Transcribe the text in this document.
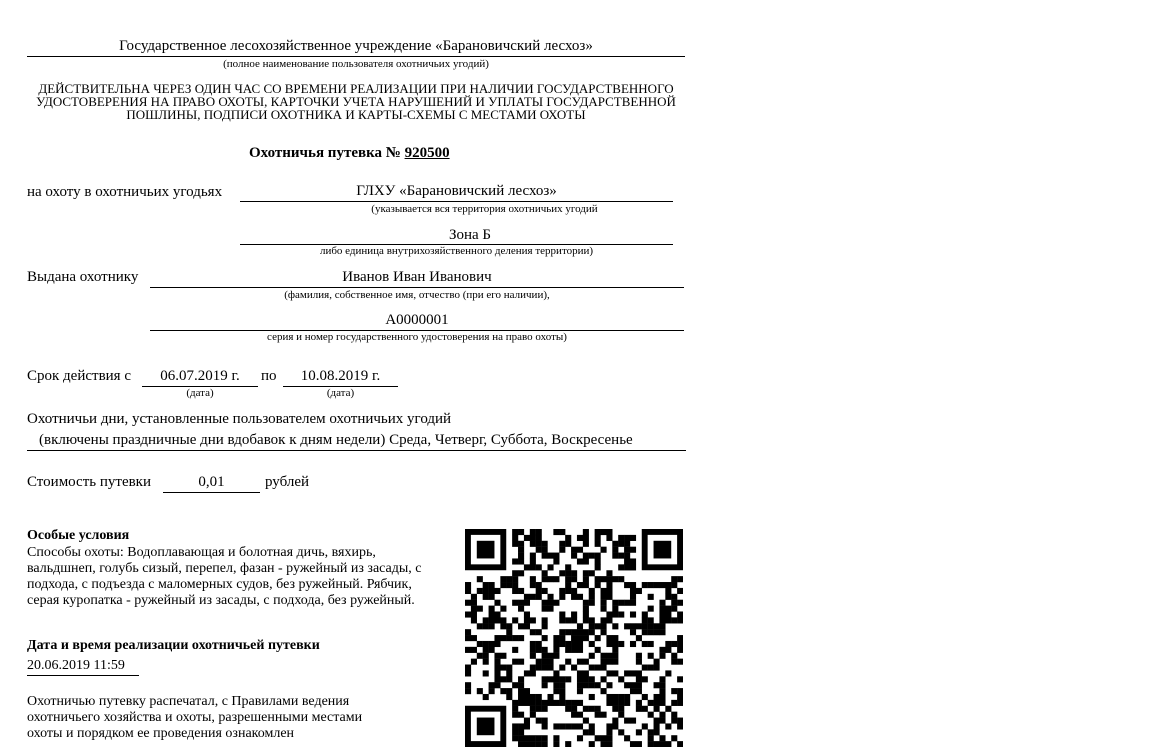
Государственное лесохозяйственное учреждение «Барановичский лесхоз»
(полное наименование пользователя охотничьих угодий)
ДЕЙСТВИТЕЛЬНА ЧЕРЕЗ ОДИН ЧАС СО ВРЕМЕНИ РЕАЛИЗАЦИИ ПРИ НАЛИЧИИ ГОСУДАРСТВЕННОГО
УДОСТОВЕРЕНИЯ НА ПРАВО ОХОТЫ, КАРТОЧКИ УЧЕТА НАРУШЕНИЙ И УПЛАТЫ ГОСУДАРСТВЕННОЙ
ПОШЛИНЫ, ПОДПИСИ ОХОТНИКА И КАРТЫ-СХЕМЫ С МЕСТАМИ ОХОТЫ
Охотничья путевка № 920500
на охоту в охотничьих угодьях	ГЛХУ «Барановичский лесхоз»
(указывается вся территория охотничьих угодий
Зона Б
либо единица внутрихозяйственного деления территории)
Выдана охотнику	Иванов Иван Иванович
(фамилия, собственное имя, отчество (при его наличии),
А0000001
серия и номер государственного удостоверения на право охоты)
Срок действия с	06.07.2019 г.
(дата)
по	10.08.2019 г.
(дата)
Охотничьи дни, установленные пользователем охотничьих угодий
(включены праздничные дни вдобавок к дням недели) Среда, Четверг, Суббота, Воскресенье
Стоимость путевки	0,01	рублей
Особые условия
Способы охоты: Водоплавающая и болотная дичь, вяхирь, вальдшнеп, голубь сизый, перепел, фазан - ружейный из засады, с подхода, с подъезда с маломерных судов, без ружейный. Рябчик, серая куропатка - ружейный из засады, с подхода, без ружейный.
Дата и время реализации охотничьей путевки
20.06.2019 11:59
Охотничью путевку распечатал, с Правилами ведения
охотничьего хозяйства и охоты, разрешенными местами
охоты и порядком ее проведения ознакомлен
